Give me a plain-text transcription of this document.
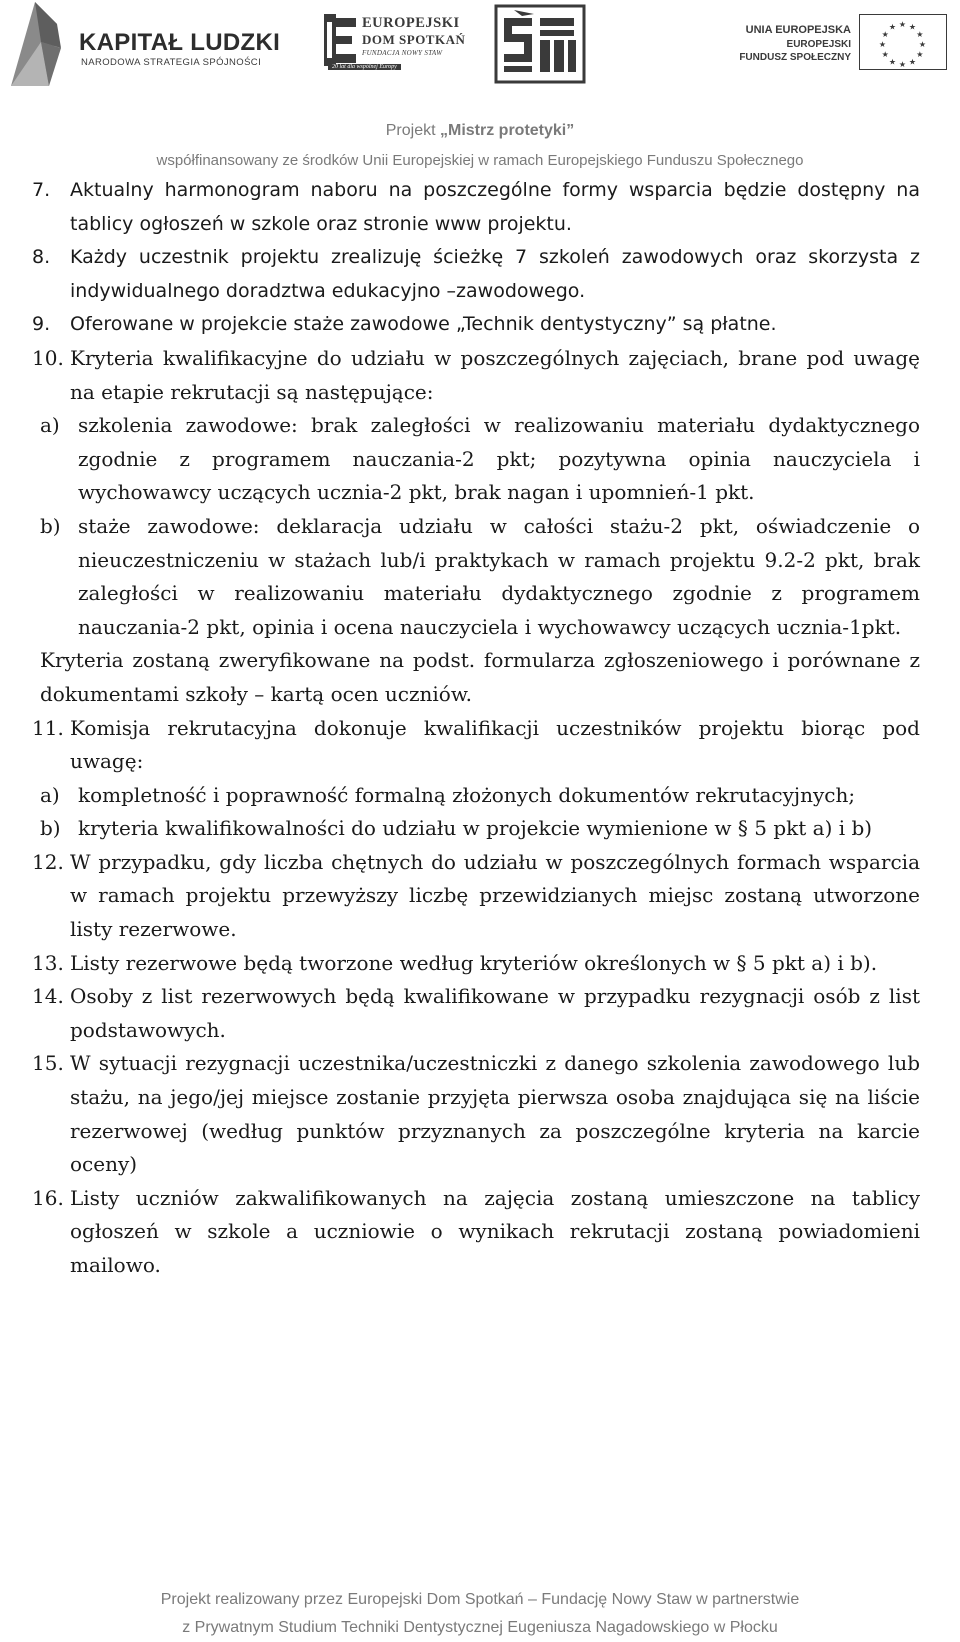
KAPITAŁ LUDZKI
NARODOWA STRATEGIA SPÓJNOŚCI
EUROPEJSKI
DOM SPOTKAŃ
FUNDACJA NOWY STAW
20 lat dla wspólnej Europy
UNIA EUROPEJSKA
EUROPEJSKI
FUNDUSZ SPOŁECZNY
★ ★
★
★
★
★
★
★
★
★
★
★
Projekt „Mistrz protetyki”
współfinansowany ze środków Unii Europejskiej w ramach Europejskiego Funduszu Społecznego
7. Aktualny harmonogram naboru na poszczególne formy wsparcia będzie dostępny na tablicy ogłoszeń w szkole oraz stronie www projektu.
8. Każdy uczestnik projektu zrealizuję ścieżkę 7 szkoleń zawodowych oraz skorzysta z indywidualnego doradztwa edukacyjno –zawodowego.
9. Oferowane w projekcie staże zawodowe „Technik dentystyczny” są płatne.
10. Kryteria kwalifikacyjne do udziału w poszczególnych zajęciach, brane pod uwagę na etapie rekrutacji są następujące:
a) szkolenia zawodowe: brak zaległości w realizowaniu materiału dydaktycznego zgodnie z programem nauczania-2 pkt; pozytywna opinia nauczyciela i wychowawcy uczących ucznia-2 pkt, brak nagan i upomnień-1 pkt.
b) staże zawodowe: deklaracja udziału w całości stażu-2 pkt, oświadczenie o nieuczestniczeniu w stażach lub/i praktykach w ramach projektu 9.2-2 pkt, brak zaległości w realizowaniu materiału dydaktycznego zgodnie z programem nauczania-2 pkt, opinia i ocena nauczyciela i wychowawcy uczących ucznia-1pkt.
Kryteria zostaną zweryfikowane na podst. formularza zgłoszeniowego i porównane z dokumentami szkoły – kartą ocen uczniów.
11. Komisja rekrutacyjna dokonuje kwalifikacji uczestników projektu biorąc pod uwagę:
a) kompletność i poprawność formalną złożonych dokumentów rekrutacyjnych;
b) kryteria kwalifikowalności do udziału w projekcie wymienione w § 5 pkt a) i b)
12. W przypadku, gdy liczba chętnych do udziału w poszczególnych formach wsparcia w ramach projektu przewyższy liczbę przewidzianych miejsc zostaną utworzone listy rezerwowe.
13. Listy rezerwowe będą tworzone według kryteriów określonych w § 5 pkt a) i b).
14. Osoby z list rezerwowych będą kwalifikowane w przypadku rezygnacji osób z list podstawowych.
15. W sytuacji rezygnacji uczestnika/uczestniczki z danego szkolenia zawodowego lub stażu, na jego/jej miejsce zostanie przyjęta pierwsza osoba znajdująca się na liście rezerwowej (według punktów przyznanych za poszczególne kryteria na karcie oceny)
16. Listy uczniów zakwalifikowanych na zajęcia zostaną umieszczone na tablicy ogłoszeń w szkole a uczniowie o wynikach rekrutacji zostaną powiadomieni mailowo.
Projekt realizowany przez Europejski Dom Spotkań – Fundację Nowy Staw w partnerstwie
z Prywatnym Studium Techniki Dentystycznej Eugeniusza Nagadowskiego w Płocku
